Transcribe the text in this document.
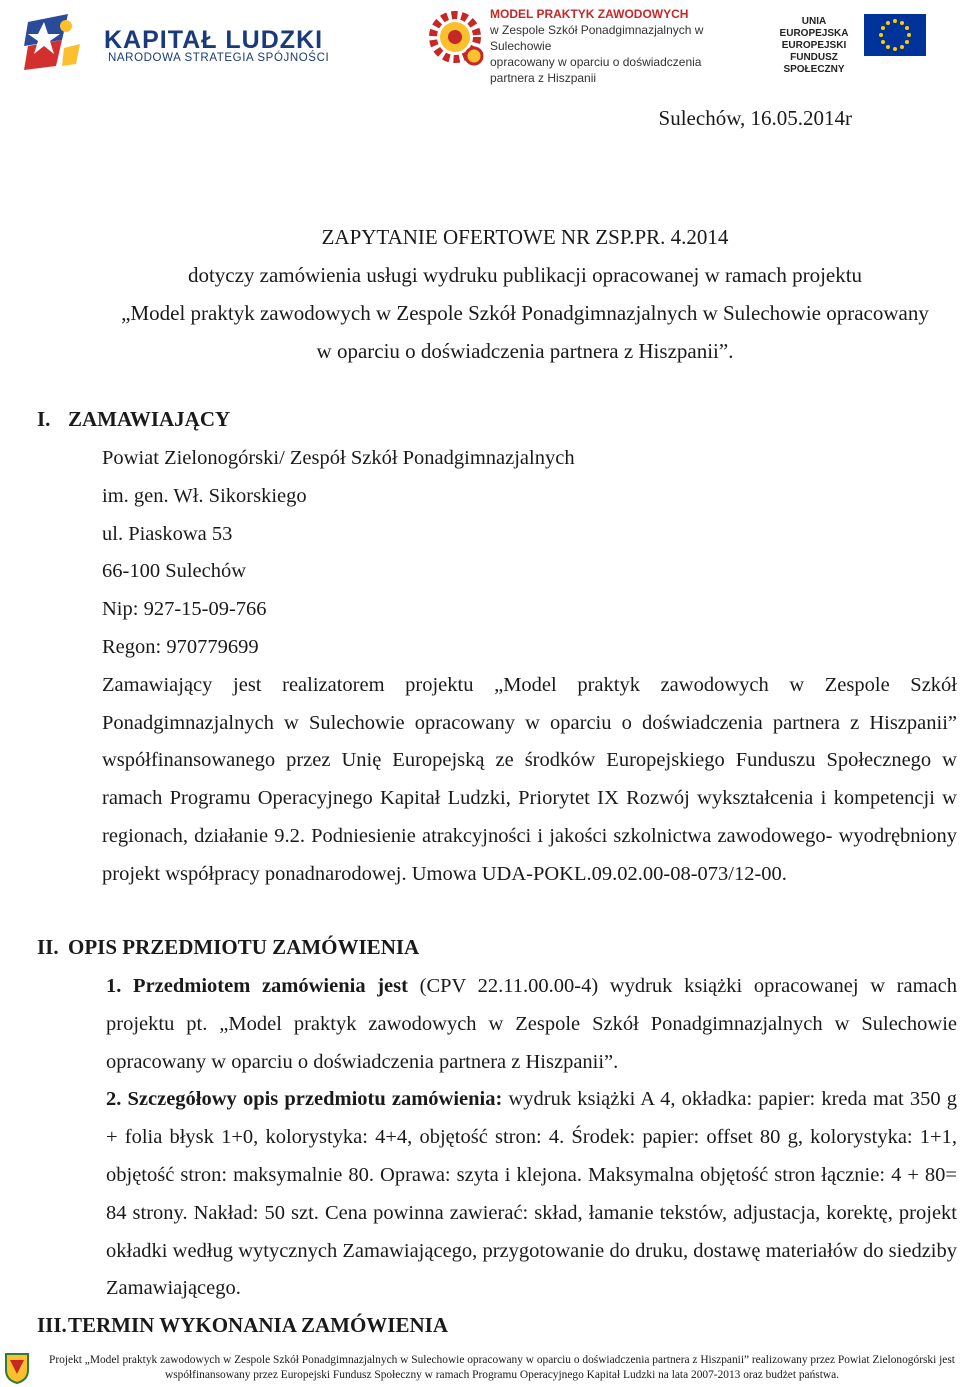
KAPITAŁ LUDZKI
NARODOWA STRATEGIA SPÓJNOŚCI
MODEL PRAKTYK ZAWODOWYCH
w Zespole Szkół Ponadgimnazjalnych w Sulechowie
opracowany w oparciu o doświadczenia
partnera z Hiszpanii
UNIA EUROPEJSKA
EUROPEJSKI
FUNDUSZ SPOŁECZNY
Sulechów, 16.05.2014r
ZAPYTANIE OFERTOWE NR ZSP.PR. 4.2014
dotyczy zamówienia usługi wydruku publikacji opracowanej w ramach projektu
„Model praktyk zawodowych w Zespole Szkół Ponadgimnazjalnych w Sulechowie opracowany
w oparciu o doświadczenia partnera z Hiszpanii”.
I. ZAMAWIAJĄCY

Powiat Zielonogórski/ Zespół Szkół Ponadgimnazjalnych

im. gen. Wł. Sikorskiego

ul. Piaskowa 53

66-100 Sulechów

Nip: 927-15-09-766

Regon: 970779699

Zamawiający jest realizatorem projektu „Model praktyk zawodowych w Zespole Szkół Ponadgimnazjalnych w Sulechowie opracowany w oparciu o doświadczenia partnera z Hiszpanii” współfinansowanego przez Unię Europejską ze środków Europejskiego Funduszu Społecznego w ramach Programu Operacyjnego Kapitał Ludzki, Priorytet IX Rozwój wykształcenia i kompetencji w regionach, działanie 9.2. Podniesienie atrakcyjności i jakości szkolnictwa zawodowego- wyodrębniony projekt współpracy ponadnarodowej. Umowa UDA-POKL.09.02.00-08-073/12-00.

II. OPIS PRZEDMIOTU ZAMÓWIENIA

1. Przedmiotem zamówienia jest (CPV 22.11.00.00-4) wydruk książki opracowanej w ramach projektu pt. „Model praktyk zawodowych w Zespole Szkół Ponadgimnazjalnych w Sulechowie opracowany w oparciu o doświadczenia partnera z Hiszpanii”.

2. Szczegółowy opis przedmiotu zamówienia: wydruk książki A 4, okładka: papier: kreda mat 350 g + folia błysk 1+0, kolorystyka: 4+4, objętość stron: 4. Środek: papier: offset 80 g, kolorystyka: 1+1, objętość stron: maksymalnie 80. Oprawa: szyta i klejona. Maksymalna objętość stron łącznie: 4 + 80= 84 strony. Nakład: 50 szt. Cena powinna zawierać: skład, łamanie tekstów, adjustacja, korektę, projekt okładki według wytycznych Zamawiającego, przygotowanie do druku, dostawę materiałów do siedziby Zamawiającego.

III.TERMIN WYKONANIA ZAMÓWIENIA
Projekt „Model praktyk zawodowych w Zespole Szkół Ponadgimnazjalnych w Sulechowie opracowany w oparciu o doświadczenia partnera z Hiszpanii” realizowany przez Powiat Zielonogórski jest
współfinansowany przez Europejski Fundusz Społeczny w ramach Programu Operacyjnego Kapitał Ludzki na lata 2007-2013 oraz budżet państwa.
